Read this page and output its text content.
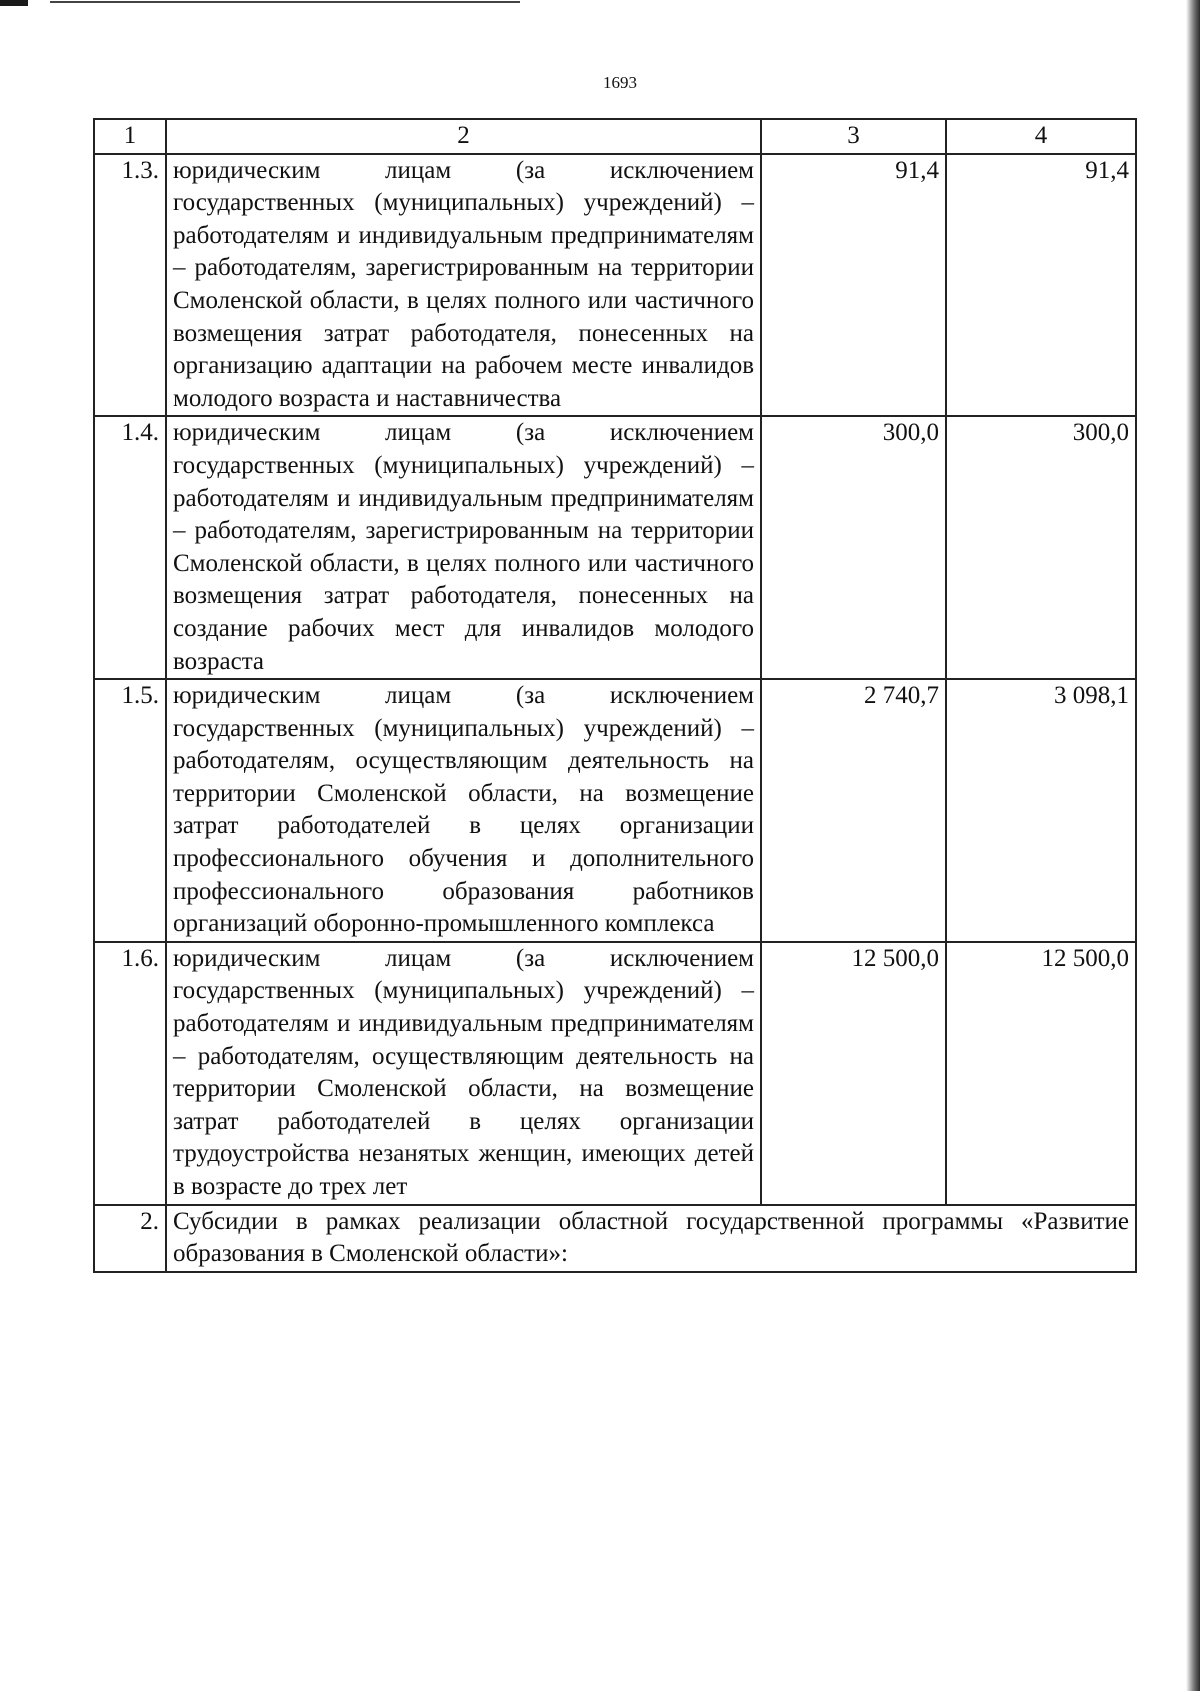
1693
1	2	3	4
1.3.	юридическим лицам (за исключением государственных (муниципальных) учреждений) – работодателям и индивидуальным предпринимателям – работодателям, зарегистрированным на территории Смоленской области, в целях полного или частичного возмещения затрат работодателя, понесенных на организацию адаптации на рабочем месте инвалидов молодого возраста и наставничества	91,4	91,4
1.4.	юридическим лицам (за исключением государственных (муниципальных) учреждений) – работодателям и индивидуальным предпринимателям – работодателям, зарегистрированным на территории Смоленской области, в целях полного или частичного возмещения затрат работодателя, понесенных на создание рабочих мест для инвалидов молодого возраста	300,0	300,0
1.5.	юридическим лицам (за исключением государственных (муниципальных) учреждений) – работодателям, осуществляющим деятельность на территории Смоленской области, на возмещение затрат работодателей в целях организации профессионального обучения и дополнительного профессионального образования работников организаций оборонно-промышленного комплекса	2 740,7	3 098,1
1.6.	юридическим лицам (за исключением государственных (муниципальных) учреждений) – работодателям и индивидуальным предпринимателям – работодателям, осуществляющим деятельность на территории Смоленской области, на возмещение затрат работодателей в целях организации трудоустройства незанятых женщин, имеющих детей в возрасте до трех лет	12 500,0	12 500,0
2.	Субсидии в рамках реализации областной государственной программы «Развитие образования в Смоленской области»:		
